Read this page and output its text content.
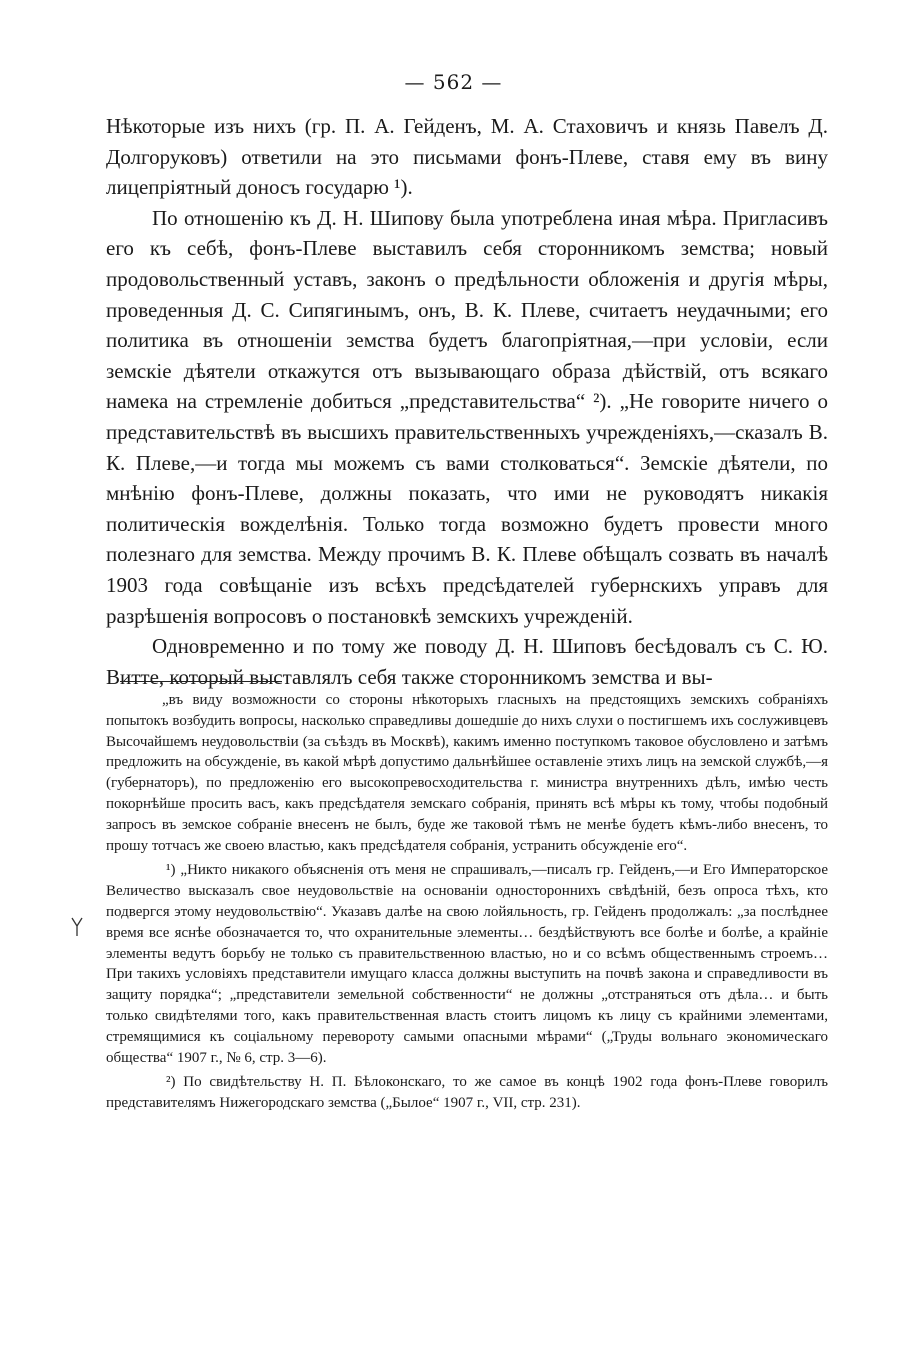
— 562 —

Нѣкоторые изъ нихъ (гр. П. А. Гейденъ, М. А. Стаховичъ и князь Павелъ Д. Долгоруковъ) ответили на это письмами фонъ-Плеве, ставя ему въ вину лицепріятный доносъ государю ¹).

По отношенію къ Д. Н. Шипову была употреблена иная мѣра. Пригласивъ его къ себѣ, фонъ-Плеве выставилъ себя сторонникомъ земства; новый продовольственный уставъ, законъ о предѣльности обложенія и другія мѣры, проведенныя Д. С. Сипягинымъ, онъ, В. К. Плеве, считаетъ неудачными; его политика въ отношеніи земства будетъ благопріятная,—при условіи, если земскіе дѣятели откажутся отъ вызывающаго образа дѣйствій, отъ всякаго намека на стремленіе добиться „представительства“ ²). „Не говорите ничего о представительствѣ въ высшихъ правительственныхъ учрежденіяхъ,—сказалъ В. К. Плеве,—и тогда мы можемъ съ вами столковаться“. Земскіе дѣятели, по мнѣнію фонъ-Плеве, должны показать, что ими не руководятъ никакія политическія вожделѣнія. Только тогда возможно будетъ провести много полезнаго для земства. Между прочимъ В. К. Плеве обѣщалъ созвать въ началѣ 1903 года совѣщаніе изъ всѣхъ предсѣдателей губернскихъ управъ для разрѣшенія вопросовъ о постановкѣ земскихъ учрежденій.

Одновременно и по тому же поводу Д. Н. Шиповъ бесѣдовалъ съ С. Ю. Витте, который выставлялъ себя также сторонникомъ земства и вы-

„въ виду возможности со стороны нѣкоторыхъ гласныхъ на предстоящихъ земскихъ собраніяхъ попытокъ возбудить вопросы, насколько справедливы дошедшіе до нихъ слухи о постигшемъ ихъ сослуживцевъ Высочайшемъ неудовольствіи (за съѣздъ въ Москвѣ), какимъ именно поступкомъ таковое обусловлено и затѣмъ предложить на обсужденіе, въ какой мѣрѣ допустимо дальнѣйшее оставленіе этихъ лицъ на земской службѣ,—я (губернаторъ), по предложенію его высокопревосходительства г. министра внутреннихъ дѣлъ, имѣю честь покорнѣйше просить васъ, какъ предсѣдателя земскаго собранія, принять всѣ мѣры къ тому, чтобы подобный запросъ въ земское собраніе внесенъ не былъ, буде же таковой тѣмъ не менѣе будетъ кѣмъ-либо внесенъ, то прошу тотчасъ же своею властью, какъ предсѣдателя собранія, устранить обсужденіе его“.

¹) „Никто никакого объясненія отъ меня не спрашивалъ,—писалъ гр. Гейденъ,—и Его Императорское Величество высказалъ свое неудовольствіе на основаніи одностороннихъ свѣдѣній, безъ опроса тѣхъ, кто подвергся этому неудовольствію“. Указавъ далѣе на свою лойяльность, гр. Гейденъ продолжалъ: „за послѣднее время все яснѣе обозначается то, что охранительные элементы… бездѣйствуютъ все болѣе и болѣе, а крайніе элементы ведутъ борьбу не только съ правительственною властью, но и со всѣмъ общественнымъ строемъ… При такихъ условіяхъ представители имущаго класса должны выступить на почвѣ закона и справедливости въ защиту порядка“; „представители земельной собственности“ не должны „отстраняться отъ дѣла… и быть только свидѣтелями того, какъ правительственная власть стоитъ лицомъ къ лицу съ крайними элементами, стремящимися къ соціальному перевороту самыми опасными мѣрами“ („Труды вольнаго экономическаго общества“ 1907 г., № 6, стр. 3—6).

²) По свидѣтельству Н. П. Бѣлоконскаго, то же самое въ концѣ 1902 года фонъ-Плеве говорилъ представителямъ Нижегородскаго земства („Былое“ 1907 г., VII, стр. 231).
